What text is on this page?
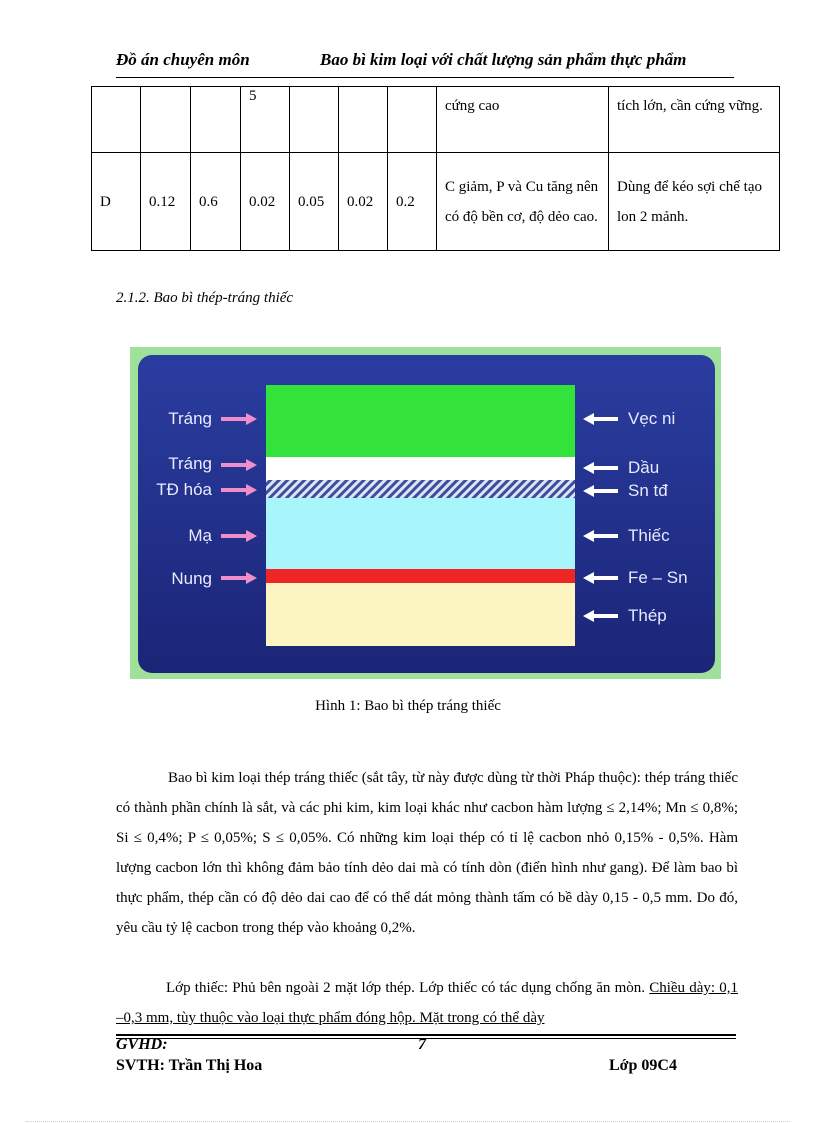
Đồ án chuyên môn	Bao bì kim loại với chất lượng sản phẩm thực phẩm
			5				cứng cao	tích lớn, cần cứng vững.
D	0.12	0.6	0.02	0.05	0.02	0.2	C giảm, P và Cu tăng nên có độ bền cơ, độ dẻo cao.	Dùng để kéo sợi chế tạo lon 2 mảnh.
2.1.2. Bao bì thép-tráng thiếc
Tráng
Tráng
TĐ hóa
Mạ
Nung
Vẹc ni
Dầu
Sn tđ
Thiếc
Fe – Sn
Thép
Hình 1: Bao bì thép tráng thiếc
Bao bì kim loại thép tráng thiếc (sắt tây, từ này được dùng từ thời Pháp thuộc): thép tráng thiếc có thành phần chính là sắt, và các phi kim, kim loại khác như cacbon hàm lượng ≤ 2,14%; Mn ≤ 0,8%; Si ≤ 0,4%; P ≤ 0,05%; S ≤ 0,05%. Có những kim loại thép có tỉ lệ cacbon nhỏ 0,15% - 0,5%. Hàm lượng cacbon lớn thì không đảm bảo tính dẻo dai mà có tính dòn (điển hình như gang). Để làm bao bì thực phẩm, thép cần có độ dẻo dai cao để có thể dát mỏng thành tấm có bề dày 0,15 - 0,5 mm. Do đó, yêu cầu tỷ lệ cacbon trong thép vào khoảng 0,2%.
Lớp thiếc: Phủ bên ngoài 2 mặt lớp thép. Lớp thiếc có tác dụng chống ăn mòn. Chiều dày: 0,1 –0,3 mm, tùy thuộc vào loại thực phẩm đóng hộp. Mặt trong có thể dày
GVHD:	7
SVTH: Trần Thị Hoa	Lớp 09C4
